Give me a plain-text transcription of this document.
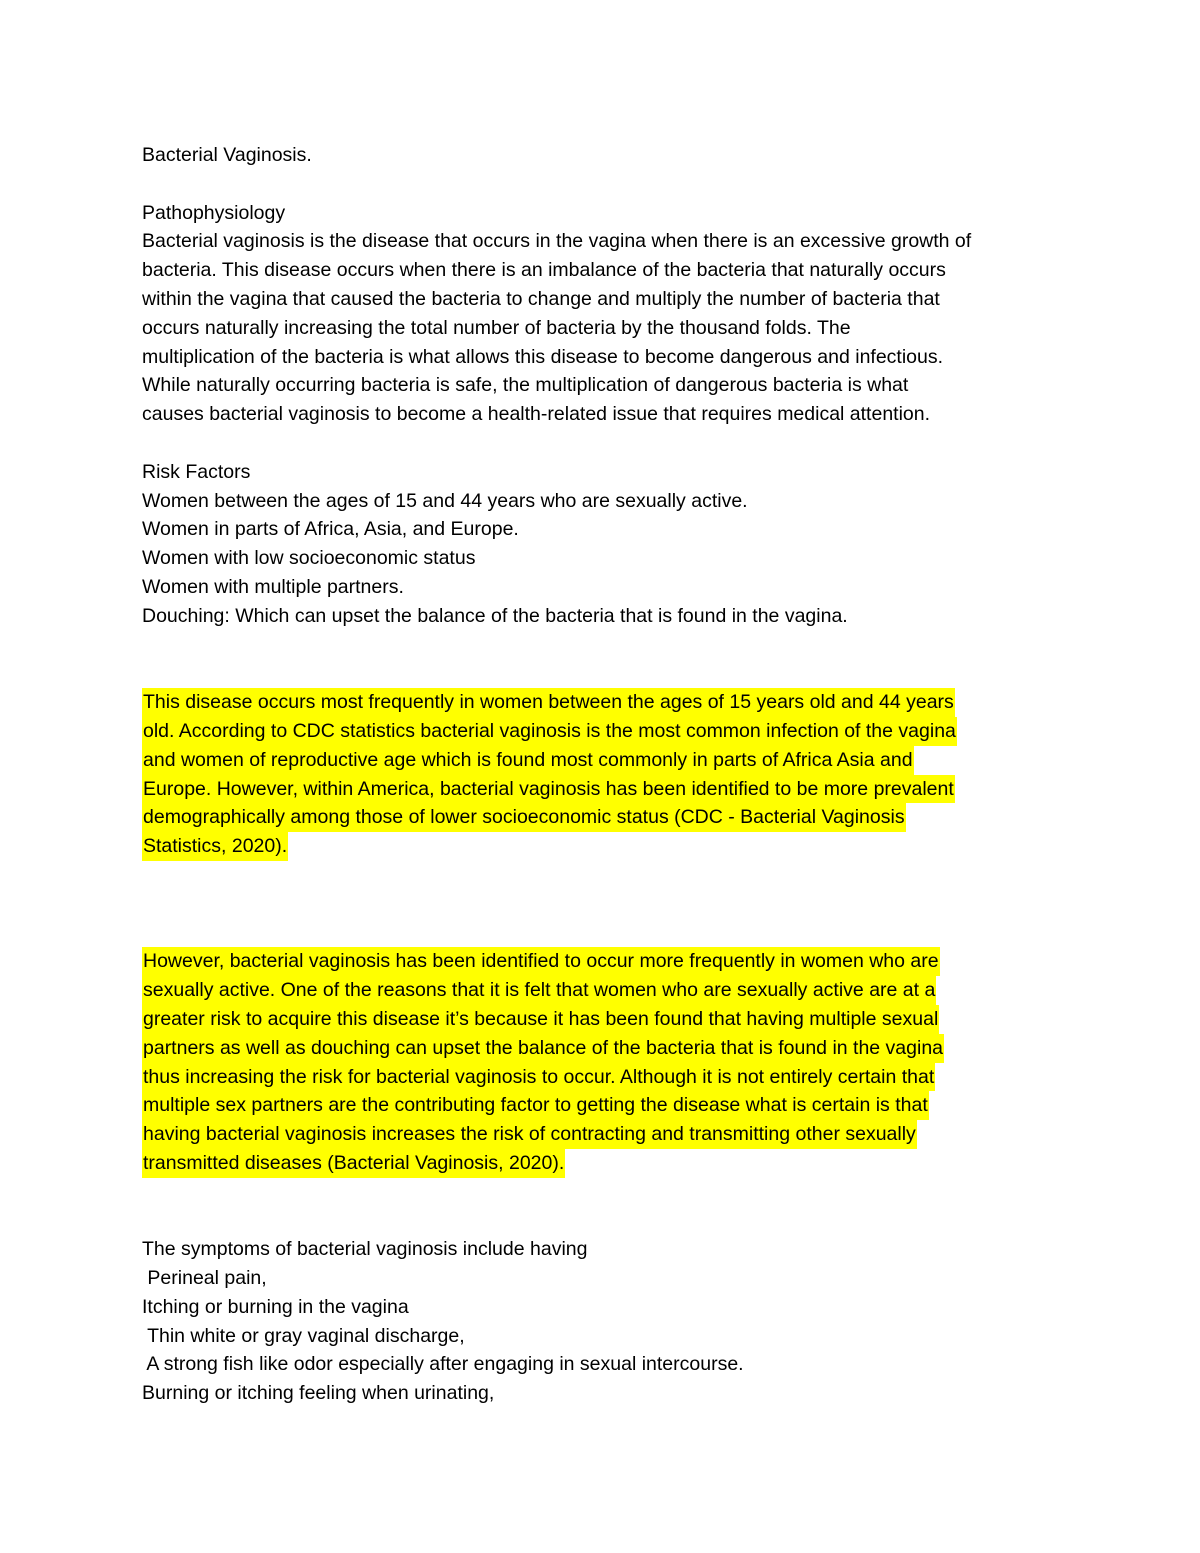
Bacterial Vaginosis.
Pathophysiology
Bacterial vaginosis is the disease that occurs in the vagina when there is an excessive growth of
bacteria. This disease occurs when there is an imbalance of the bacteria that naturally occurs
within the vagina that caused the bacteria to change and multiply the number of bacteria that
occurs naturally increasing the total number of bacteria by the thousand folds. The
multiplication of the bacteria is what allows this disease to become dangerous and infectious.
While naturally occurring bacteria is safe, the multiplication of dangerous bacteria is what
causes bacterial vaginosis to become a health-related issue that requires medical attention.
Risk Factors
Women between the ages of 15 and 44 years who are sexually active.
Women in parts of Africa, Asia, and Europe.
Women with low socioeconomic status
Women with multiple partners.
Douching: Which can upset the balance of the bacteria that is found in the vagina.
This disease occurs most frequently in women between the ages of 15 years old and 44 years
old. According to CDC statistics bacterial vaginosis is the most common infection of the vagina
and women of reproductive age which is found most commonly in parts of Africa Asia and
Europe. However, within America, bacterial vaginosis has been identified to be more prevalent
demographically among those of lower socioeconomic status (CDC - Bacterial Vaginosis
Statistics, 2020).
However, bacterial vaginosis has been identified to occur more frequently in women who are
sexually active. One of the reasons that it is felt that women who are sexually active are at a
greater risk to acquire this disease it’s because it has been found that having multiple sexual
partners as well as douching can upset the balance of the bacteria that is found in the vagina
thus increasing the risk for bacterial vaginosis to occur. Although it is not entirely certain that
multiple sex partners are the contributing factor to getting the disease what is certain is that
having bacterial vaginosis increases the risk of contracting and transmitting other sexually
transmitted diseases (Bacterial Vaginosis, 2020).
The symptoms of bacterial vaginosis include having
Perineal pain,
Itching or burning in the vagina
Thin white or gray vaginal discharge,
A strong fish like odor especially after engaging in sexual intercourse.
Burning or itching feeling when urinating,
